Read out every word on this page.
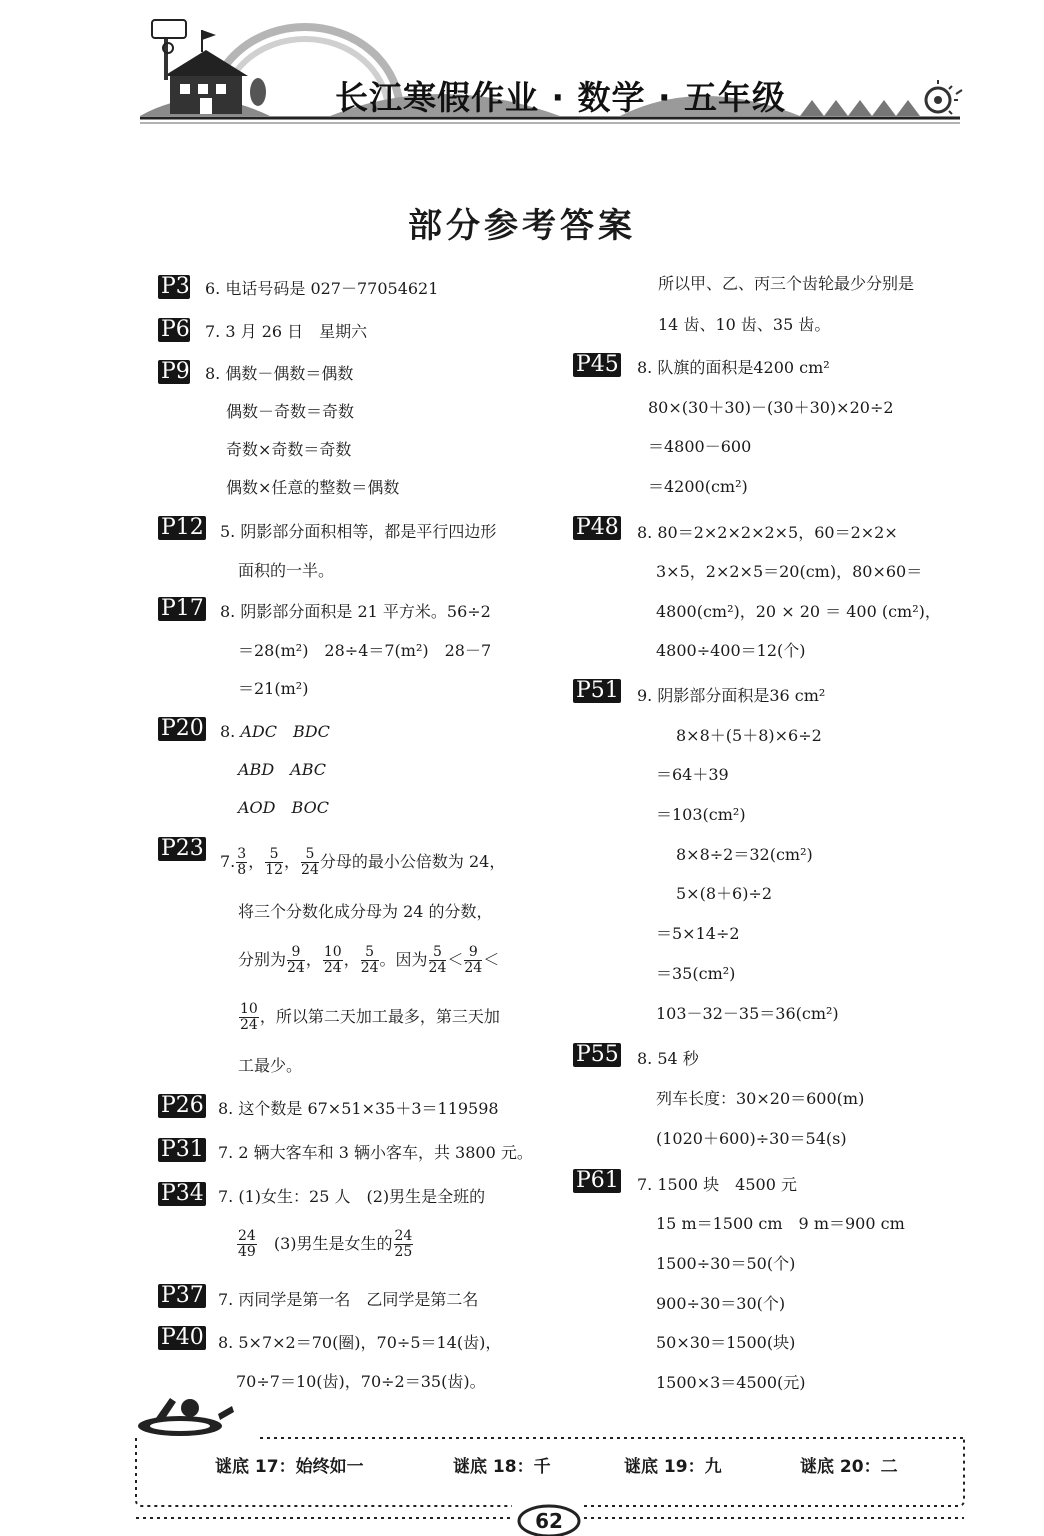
长江寒假作业 · 数学 · 五年级
部分参考答案
P3 6. 电话号码是 027－77054621
P6 7. 3 月 26 日　星期六
P9 8. 偶数－偶数＝偶数
偶数－奇数＝奇数
奇数×奇数＝奇数
偶数×任意的整数＝偶数
P12 5. 阴影部分面积相等，都是平行四边形
面积的一半。
P17 8. 阴影部分面积是 21 平方米。56÷2
＝28(m²)　28÷4＝7(m²)　28－7
＝21(m²)
P20 8. ADC　 BDC
ABD　 ABC
AOD　 BOC
P23
7. $\frac{3}{8}$ ， $\frac{5}{12}$ ， $\frac{5}{24}$ 分母的最小公倍数为 24，
将三个分数化成分母为 24 的分数，
分别为 $\frac{9}{24}$ ， $\frac{10}{24}$ ， $\frac{5}{24}$ 。因为 $\frac{5}{24} < \frac{9}{24}$ ＜
$\frac{10}{24}$ ，所以第二天加工最多，第三天加
工最少。
P26 8. 这个数是 67×51×35＋3＝119598
P31 7. 2 辆大客车和 3 辆小客车，共 3800 元。
P34 7. (1)女生：25 人　(2)男生是全班的
$\frac{24}{49}$
　 (3)男生是女生的 $\frac{24}{25}$
P37 7. 丙同学是第一名　乙同学是第二名
P40 8. 5×7×2＝70(圈)，70÷5＝14(齿)，
70÷7＝10(齿)，70÷2＝35(齿)。
所以甲、乙、丙三个齿轮最少分别是
14 齿、10 齿、35 齿。
P45 8. 队旗的面积是4200 cm²
80×(30＋30)－(30＋30)×20÷2
＝4800－600
＝4200(cm²)
P48 8. 80＝2×2×2×2×5，60＝2×2×
3×5，2×2×5＝20(cm)，80×60＝
4800(cm²)，20 × 20 ＝ 400 (cm²)，
4800÷400＝12(个)
P51 9. 阴影部分面积是36 cm²
8×8＋(5＋8)×6÷2
＝64＋39
＝103(cm²)
8×8÷2＝32(cm²)
5×(8＋6)÷2
＝5×14÷2
＝35(cm²)
103－32－35＝36(cm²)
P55 8. 54 秒
列车长度：30×20＝600(m)
(1020＋600)÷30＝54(s)
P61 7. 1500 块　4500 元
15 m＝1500 cm　9 m＝900 cm
1500÷30＝50(个)
900÷30＝30(个)
50×30＝1500(块)
1500×3＝4500(元)
谜底 17：始终如一	谜底 18：千	谜底 19：九	谜底 20：二
62
